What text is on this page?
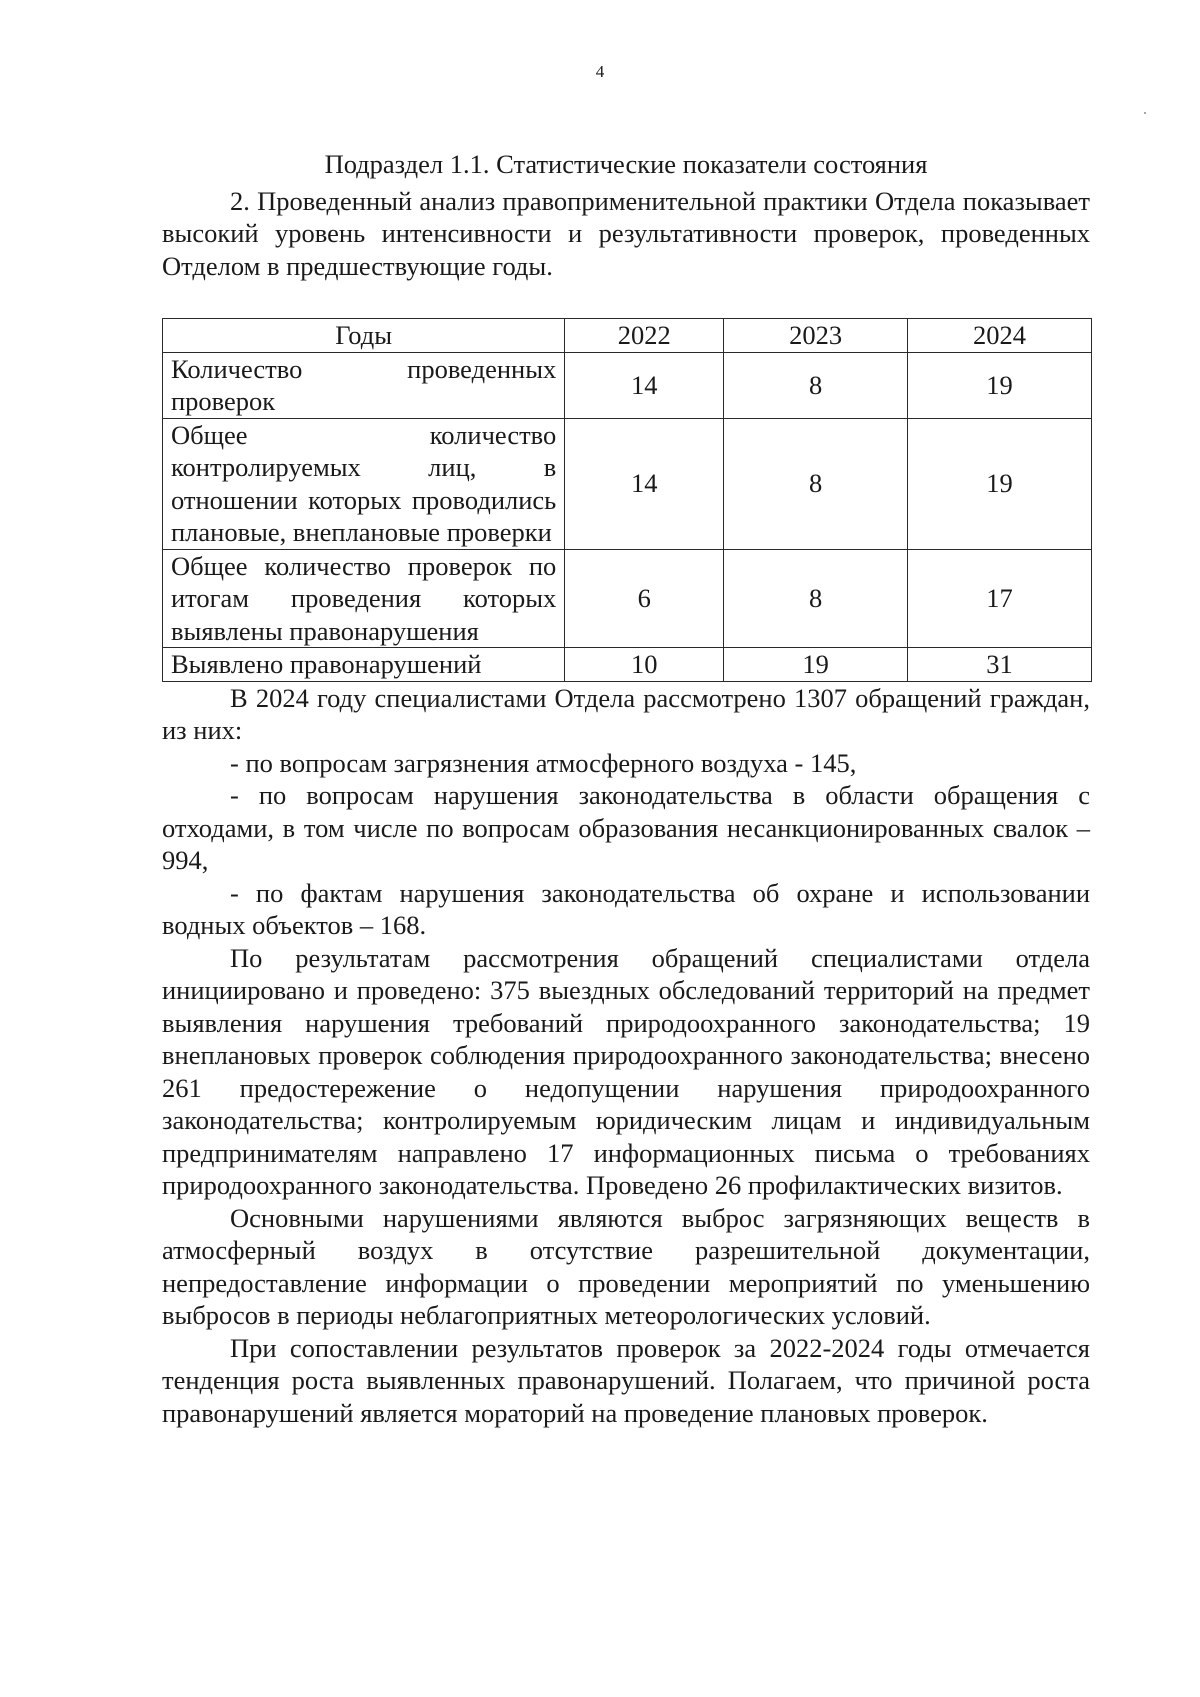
4
Подраздел 1.1. Статистические показатели состояния

2. Проведенный анализ правоприменительной практики Отдела показывает высокий уровень интенсивности и результативности проверок, проведенных Отделом в предшествующие годы.

Годы	2022	2023	2024
Количество проведенных проверок	14	8	19
Общее количество контролируемых лиц, в отношении которых проводились плановые, внеплановые проверки	14	8	19
Общее количество проверок по итогам проведения которых выявлены правонарушения	6	8	17
Выявлено правонарушений	10	19	31

В 2024 году специалистами Отдела рассмотрено 1307 обращений граждан, из них:

- по вопросам загрязнения атмосферного воздуха - 145,

- по вопросам нарушения законодательства в области обращения с отходами, в том числе по вопросам образования несанкционированных свалок – 994,

- по фактам нарушения законодательства об охране и использовании водных объектов – 168.

По результатам рассмотрения обращений специалистами отдела инициировано и проведено: 375 выездных обследований территорий на предмет выявления нарушения требований природоохранного законодательства; 19 внеплановых проверок соблюдения природоохранного законодательства; внесено 261 предостережение о недопущении нарушения природоохранного законодательства; контролируемым юридическим лицам и индивидуальным предпринимателям направлено 17 информационных письма о требованиях природоохранного законодательства. Проведено 26 профилактических визитов.

Основными нарушениями являются выброс загрязняющих веществ в атмосферный воздух в отсутствие разрешительной документации, непредоставление информации о проведении мероприятий по уменьшению выбросов в периоды неблагоприятных метеорологических условий.

При сопоставлении результатов проверок за 2022-2024 годы отмечается тенденция роста выявленных правонарушений. Полагаем, что причиной роста правонарушений является мораторий на проведение плановых проверок.
